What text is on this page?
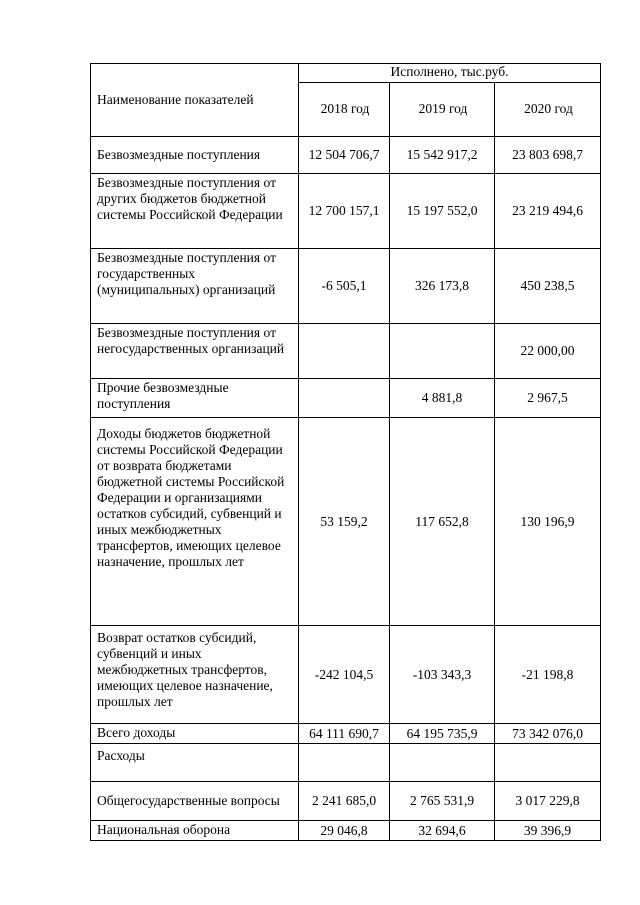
Наименование показателей	Исполнено, тыс.руб.		
	2018 год	2019 год	2020 год
Безвозмездные поступления	12 504 706,7	15 542 917,2	23 803 698,7
Безвозмездные поступления от других бюджетов бюджетной системы Российской Федерации	12 700 157,1	15 197 552,0	23 219 494,6
Безвозмездные поступления от государственных (муниципальных) организаций	-6 505,1	326 173,8	450 238,5
Безвозмездные поступления от негосударственных организаций			22 000,00
Прочие безвозмездные поступления		4 881,8	2 967,5
Доходы бюджетов бюджетной системы Российской Федерации от возврата бюджетами бюджетной системы Российской Федерации и организациями остатков субсидий, субвенций и иных межбюджетных трансфертов, имеющих целевое назначение, прошлых лет	53 159,2	117 652,8	130 196,9
Возврат остатков субсидий, субвенций и иных межбюджетных трансфертов, имеющих целевое назначение, прошлых лет	-242 104,5	-103 343,3	-21 198,8
Всего доходы	64 111 690,7	64 195 735,9	73 342 076,0
Расходы			
Общегосударственные вопросы	2 241 685,0	2 765 531,9	3 017 229,8
Национальная оборона	29 046,8	32 694,6	39 396,9
